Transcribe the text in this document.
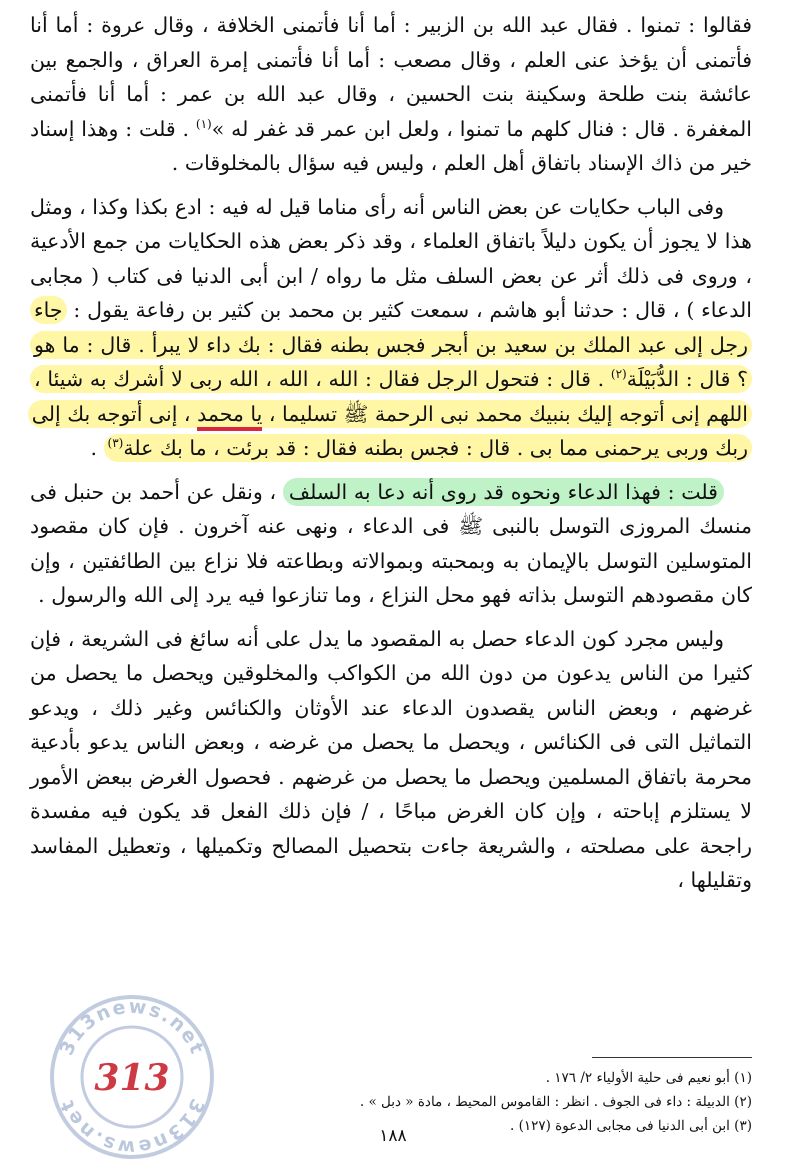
فقالوا : تمنوا . فقال عبد الله بن الزبير : أما أنا فأتمنى الخلافة ، وقال عروة : أما أنا فأتمنى أن يؤخذ عنى العلم ، وقال مصعب : أما أنا فأتمنى إمرة العراق ، والجمع بين عائشة بنت طلحة وسكينة بنت الحسين ، وقال عبد الله بن عمر : أما أنا فأتمنى المغفرة . قال : فنال كلهم ما تمنوا ، ولعل ابن عمر قد غفر له »$^{(١)}$ . قلت : وهذا إسناد خير من ذاك الإسناد باتفاق أهل العلم ، وليس فيه سؤال بالمخلوقات .

وفى الباب حكايات عن بعض الناس أنه رأى مناما قيل له فيه : ادع بكذا وكذا ، ومثل هذا لا يجوز أن يكون دليلاً باتفاق العلماء ، وقد ذكر بعض هذه الحكايات من جمع الأدعية ، وروى فى ذلك أثر عن بعض السلف مثل ما رواه / ابن أبى الدنيا فى كتاب ( مجابى الدعاء ) ، قال : حدثنا أبو هاشم ، سمعت كثير بن محمد بن كثير بن رفاعة يقول : جاء رجل إلى عبد الملك بن سعيد بن أبجر فجس بطنه فقال : بك داء لا يبرأ . قال : ما هو ؟ قال : الدُّبَيْلَة$^{(٢)}$ . قال : فتحول الرجل فقال : الله ، الله ، الله ربى لا أشرك به شيئا ، اللهم إنى أتوجه إليك بنبيك محمد نبى الرحمة ﷺ تسليما ، يا محمد ، إنى أتوجه بك إلى ربك وربى يرحمنى مما بى . قال : فجس بطنه فقال : قد برئت ، ما بك علة$^{(٣)}$ .

قلت : فهذا الدعاء ونحوه قد روى أنه دعا به السلف ، ونقل عن أحمد بن حنبل فى منسك المروزى التوسل بالنبى ﷺ فى الدعاء ، ونهى عنه آخرون . فإن كان مقصود المتوسلين التوسل بالإيمان به وبمحبته وبموالاته وبطاعته فلا نزاع بين الطائفتين ، وإن كان مقصودهم التوسل بذاته فهو محل النزاع ، وما تنازعوا فيه يرد إلى الله والرسول .

وليس مجرد كون الدعاء حصل به المقصود ما يدل على أنه سائغ فى الشريعة ، فإن كثيرا من الناس يدعون من دون الله من الكواكب والمخلوقين ويحصل ما يحصل من غرضهم ، وبعض الناس يقصدون الدعاء عند الأوثان والكنائس وغير ذلك ، ويدعو التماثيل التى فى الكنائس ، ويحصل ما يحصل من غرضه ، وبعض الناس يدعو بأدعية محرمة باتفاق المسلمين ويحصل ما يحصل من غرضهم . فحصول الغرض ببعض الأمور لا يستلزم إباحته ، وإن كان الغرض مباحًا ، / فإن ذلك الفعل قد يكون فيه مفسدة راجحة على مصلحته ، والشريعة جاءت بتحصيل المصالح وتكميلها ، وتعطيل المفاسد وتقليلها ،

(١) أبو نعيم فى حلية الأولياء ٢/ ١٧٦ .

(٢) الدبيلة : داء فى الجوف . انظر : القاموس المحيط ، مادة « دبل » .

(٣) ابن أبى الدنيا فى مجابى الدعوة (١٢٧) .

١٨٨
313news.net
313news.net
313
